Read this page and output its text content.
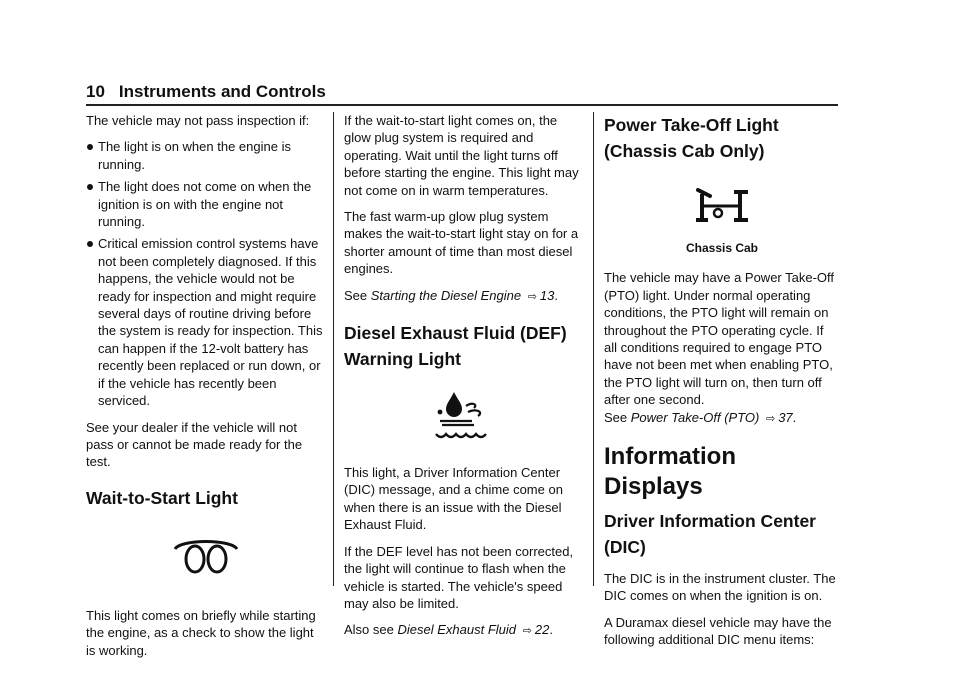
10 Instruments and Controls

The vehicle may not pass inspection if:

The light is on when the engine is running.
The light does not come on when the ignition is on with the engine not running.
Critical emission control systems have not been completely diagnosed. If this happens, the vehicle would not be ready for inspection and might require several days of routine driving before the system is ready for inspection. This can happen if the 12-volt battery has recently been replaced or run down, or if the vehicle has recently been serviced.

See your dealer if the vehicle will not pass or cannot be made ready for the test.

Wait-to-Start Light

This light comes on briefly while starting the engine, as a check to show the light is working.

If the wait-to-start light comes on, the glow plug system is required and operating. Wait until the light turns off before starting the engine. This light may not come on in warm temperatures.

The fast warm-up glow plug system makes the wait-to-start light stay on for a shorter amount of time than most diesel engines.

See Starting the Diesel Engine ⇨ 13.

Diesel Exhaust Fluid (DEF) Warning Light

This light, a Driver Information Center (DIC) message, and a chime come on when there is an issue with the Diesel Exhaust Fluid.

If the DEF level has not been corrected, the light will continue to flash when the vehicle is started. The vehicle's speed may also be limited.

Also see Diesel Exhaust Fluid ⇨ 22.

Power Take-Off Light (Chassis Cab Only)
Chassis Cab

The vehicle may have a Power Take-Off (PTO) light. Under normal operating conditions, the PTO light will remain on throughout the PTO operating cycle. If all conditions required to engage PTO have not been met when enabling PTO, the PTO light will turn on, then turn off after one second.

See Power Take-Off (PTO) ⇨ 37.

Information Displays
Driver Information Center (DIC)

The DIC is in the instrument cluster. The DIC comes on when the ignition is on.

A Duramax diesel vehicle may have the following additional DIC menu items:
